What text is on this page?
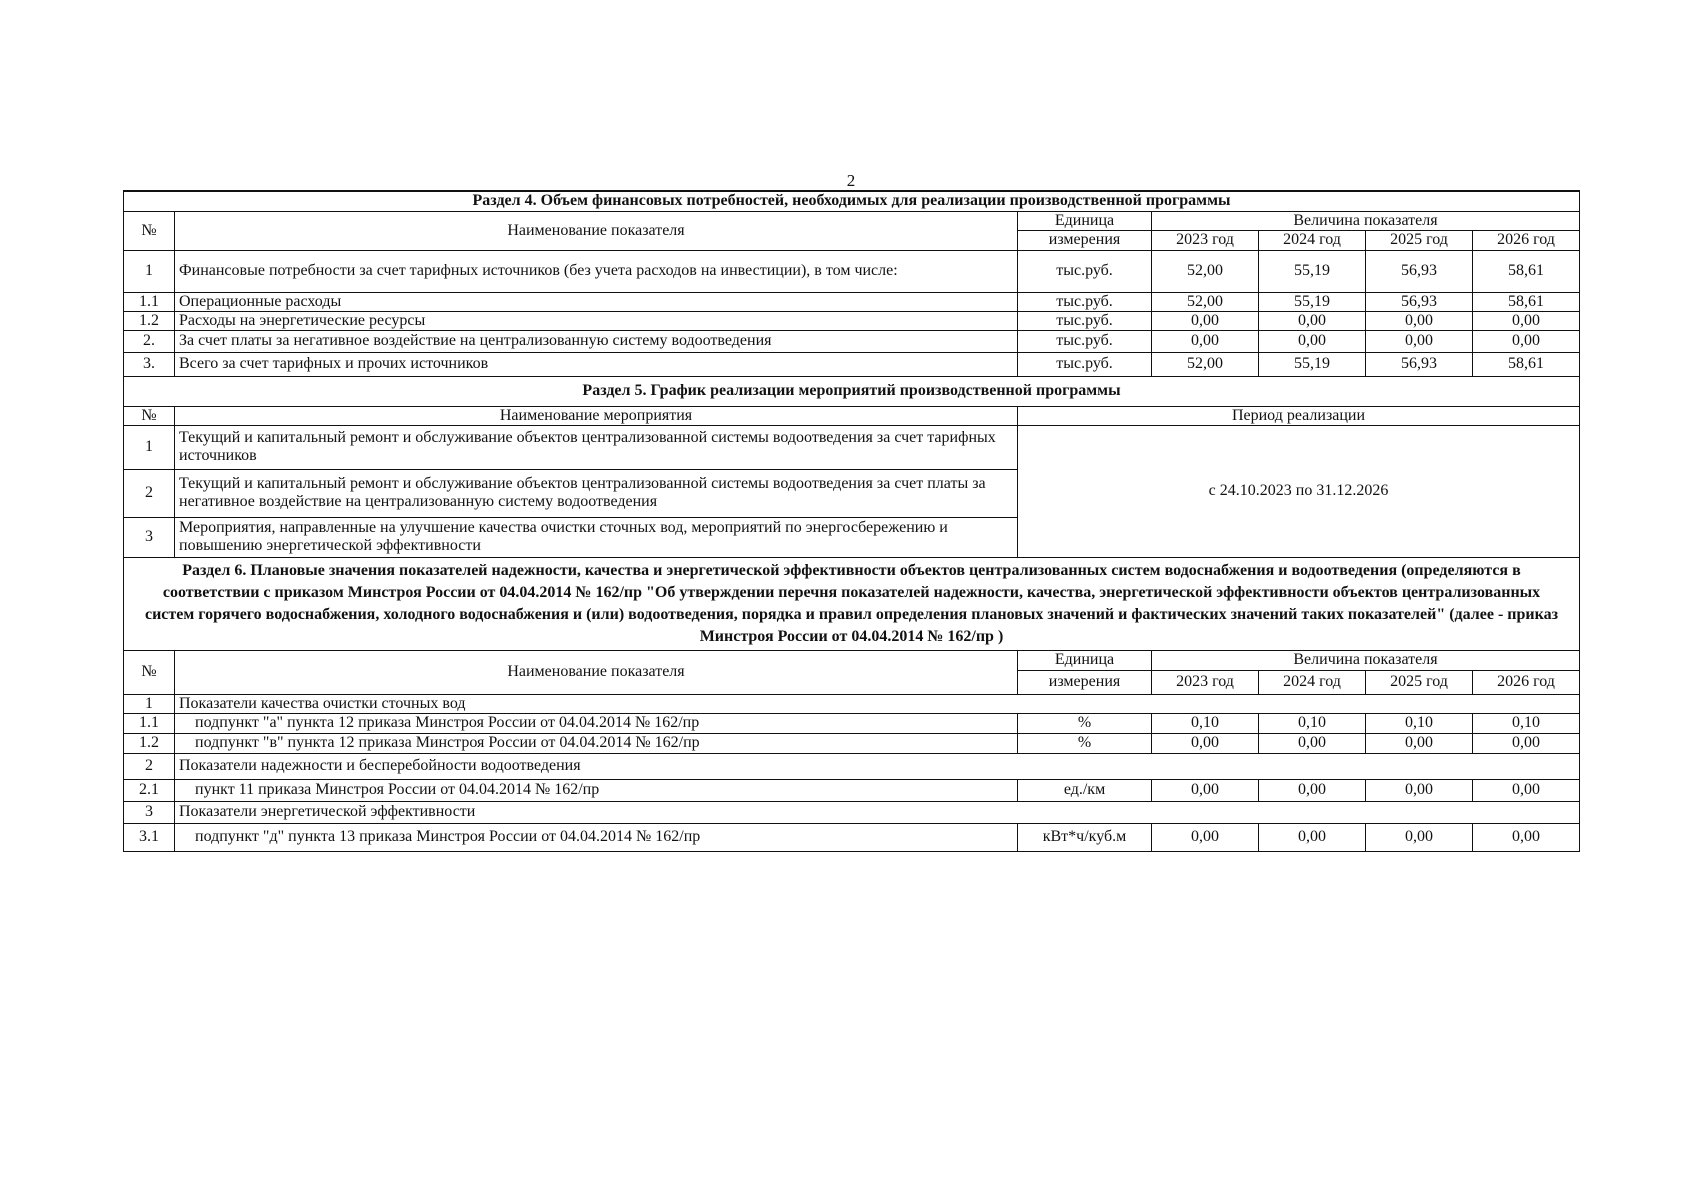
2
Раздел 4. Объем финансовых потребностей, необходимых для реализации производственной программы						
№	Наименование показателя	Единица	Величина показателя			
		измерения	2023 год	2024 год	2025 год	2026 год
1	Финансовые потребности за счет тарифных источников (без учета расходов на инвестиции), в том числе:	тыс.руб.	52,00	55,19	56,93	58,61
1.1	Операционные расходы	тыс.руб.	52,00	55,19	56,93	58,61
1.2	Расходы на энергетические ресурсы	тыс.руб.	0,00	0,00	0,00	0,00
2.	За счет платы за негативное воздействие на централизованную систему водоотведения	тыс.руб.	0,00	0,00	0,00	0,00
3.	Всего за счет тарифных и прочих источников	тыс.руб.	52,00	55,19	56,93	58,61
Раздел 5. График реализации мероприятий производственной программы						
№	Наименование мероприятия	Период реализации				
1	Текущий и капитальный ремонт и обслуживание объектов централизованной системы водоотведения за счет тарифных источников	с 24.10.2023 по 31.12.2026				
2	Текущий и капитальный ремонт и обслуживание объектов централизованной системы водоотведения за счет платы за негативное воздействие на централизованную систему водоотведения					
3	Мероприятия, направленные на улучшение качества очистки сточных вод, мероприятий по энергосбережению и повышению энергетической эффективности					
Раздел 6. Плановые значения показателей надежности, качества и энергетической эффективности объектов централизованных систем водоснабжения и водоотведения (определяются в соответствии с приказом Минстроя России от 04.04.2014 № 162/пр "Об утверждении перечня показателей надежности, качества, энергетической эффективности объектов централизованных систем горячего водоснабжения, холодного водоснабжения и (или) водоотведения, порядка и правил определения плановых значений и фактических значений таких показателей" (далее - приказ Минстроя России от 04.04.2014 № 162/пр )						
№	Наименование показателя	Единица	Величина показателя			
		измерения	2023 год	2024 год	2025 год	2026 год
1	Показатели качества очистки сточных вод					
1.1	подпункт "а" пункта 12 приказа Минстроя России от 04.04.2014 № 162/пр	%	0,10	0,10	0,10	0,10
1.2	подпункт "в" пункта 12 приказа Минстроя России от 04.04.2014 № 162/пр	%	0,00	0,00	0,00	0,00
2	Показатели надежности и бесперебойности водоотведения					
2.1	пункт 11 приказа Минстроя России от 04.04.2014 № 162/пр	ед./км	0,00	0,00	0,00	0,00
3	Показатели энергетической эффективности					
3.1	подпункт "д" пункта 13 приказа Минстроя России от 04.04.2014 № 162/пр	кВт*ч/куб.м	0,00	0,00	0,00	0,00
